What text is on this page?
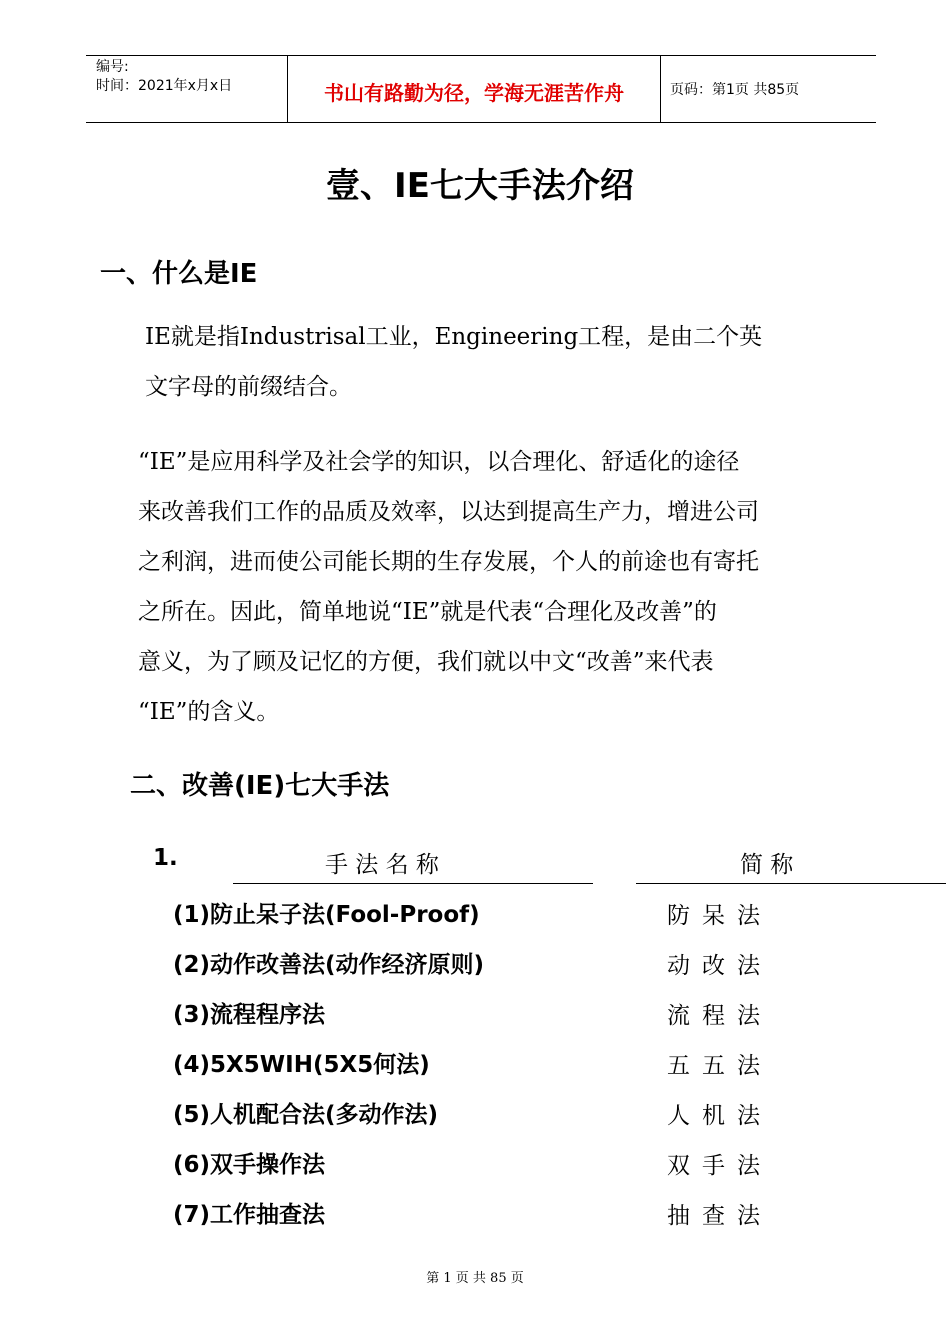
编号:
时间：2021年x月x日	书山有路勤为径，学海无涯苦作舟	页码：第1页 共85页
壹、IE七大手法介绍
一、什么是IE
IE就是指Industrisal工业，Engineering工程，是由二个英
文字母的前缀结合。
“IE”是应用科学及社会学的知识，以合理化、舒适化的途径
来改善我们工作的品质及效率，以达到提高生产力，增进公司
之利润，进而使公司能长期的生存发展，个人的前途也有寄托
之所在。因此，简单地说“IE”就是代表“合理化及改善”的
意义，为了顾及记忆的方便，我们就以中文“改善”来代表
“IE”的含义。
二、改善(IE)七大手法
1.	手 法 名 称	简 称
(1)防止呆子法(Fool-Proof)	防呆法
(2)动作改善法(动作经济原则)	动改法
(3)流程程序法	流程法
(4)5X5WIH(5X5何法)	五五法
(5)人机配合法(多动作法)	人机法
(6)双手操作法	双手法
(7)工作抽查法	抽查法
第 1 页 共 85 页
